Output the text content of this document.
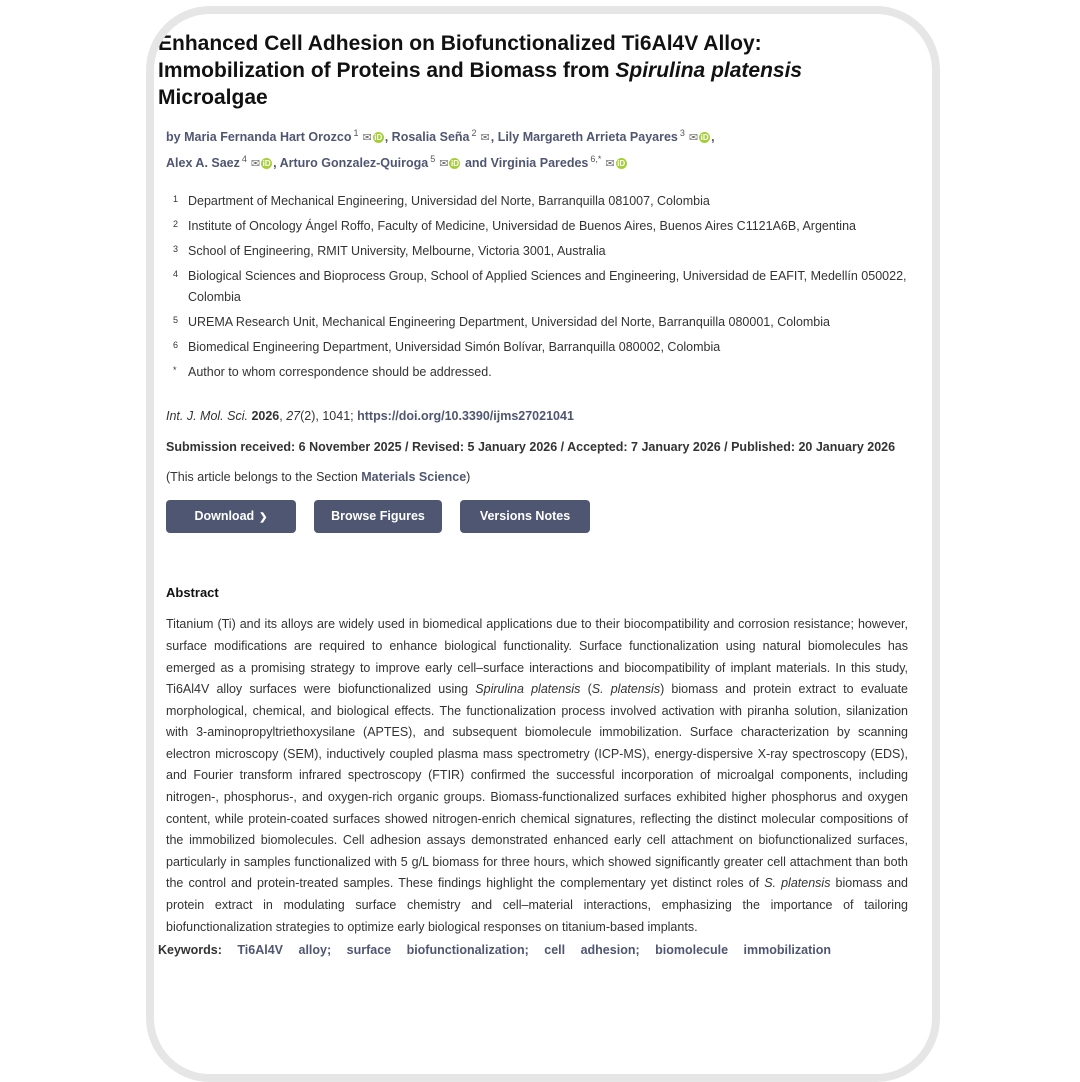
Enhanced Cell Adhesion on Biofunctionalized Ti6Al4V Alloy: Immobilization of Proteins and Biomass from Spirulina platensis Microalgae
by Maria Fernanda Hart Orozco $^1$ ✉ iD , Rosalia Seña $^2$ ✉, Lily Margareth Arrieta Payares $^3$ ✉ iD ,
Alex A. Saez $^4$ ✉ iD , Arturo Gonzalez-Quiroga $^5$ ✉ iD and Virginia Paredes $^{6,*}$ ✉ iD
1 Department of Mechanical Engineering, Universidad del Norte, Barranquilla 081007, Colombia
2 Institute of Oncology Ángel Roffo, Faculty of Medicine, Universidad de Buenos Aires, Buenos Aires C1121A6B, Argentina
3 School of Engineering, RMIT University, Melbourne, Victoria 3001, Australia
4 Biological Sciences and Bioprocess Group, School of Applied Sciences and Engineering, Universidad de EAFIT, Medellín 050022, Colombia
5 UREMA Research Unit, Mechanical Engineering Department, Universidad del Norte, Barranquilla 080001, Colombia
6 Biomedical Engineering Department, Universidad Simón Bolívar, Barranquilla 080002, Colombia
* Author to whom correspondence should be addressed.
Int. J. Mol. Sci. 2026, 27(2), 1041; https://doi.org/10.3390/ijms27021041
Submission received: 6 November 2025 / Revised: 5 January 2026 / Accepted: 7 January 2026 / Published: 20 January 2026
(This article belongs to the Section Materials Science)
Download ❯	Browse Figures	Versions Notes
Abstract
Titanium (Ti) and its alloys are widely used in biomedical applications due to their biocompatibility and corrosion resistance; however, surface modifications are required to enhance biological functionality. Surface functionalization using natural biomolecules has emerged as a promising strategy to improve early cell–surface interactions and biocompatibility of implant materials. In this study, Ti6Al4V alloy surfaces were biofunctionalized using Spirulina platensis (S. platensis) biomass and protein extract to evaluate morphological, chemical, and biological effects. The functionalization process involved activation with piranha solution, silanization with 3-aminopropyltriethoxysilane (APTES), and subsequent biomolecule immobilization. Surface characterization by scanning electron microscopy (SEM), inductively coupled plasma mass spectrometry (ICP-MS), energy-dispersive X-ray spectroscopy (EDS), and Fourier transform infrared spectroscopy (FTIR) confirmed the successful incorporation of microalgal components, including nitrogen-, phosphorus-, and oxygen-rich organic groups. Biomass-functionalized surfaces exhibited higher phosphorus and oxygen content, while protein-coated surfaces showed nitrogen-enrich chemical signatures, reflecting the distinct molecular compositions of the immobilized biomolecules. Cell adhesion assays demonstrated enhanced early cell attachment on biofunctionalized surfaces, particularly in samples functionalized with 5 g/L biomass for three hours, which showed significantly greater cell attachment than both the control and protein-treated samples. These findings highlight the complementary yet distinct roles of S. platensis biomass and protein extract in modulating surface chemistry and cell–material interactions, emphasizing the importance of tailoring biofunctionalization strategies to optimize early biological responses on titanium-based implants.
Keywords: Ti6Al4V alloy; surface biofunctionalization; cell adhesion; biomolecule immobilization
